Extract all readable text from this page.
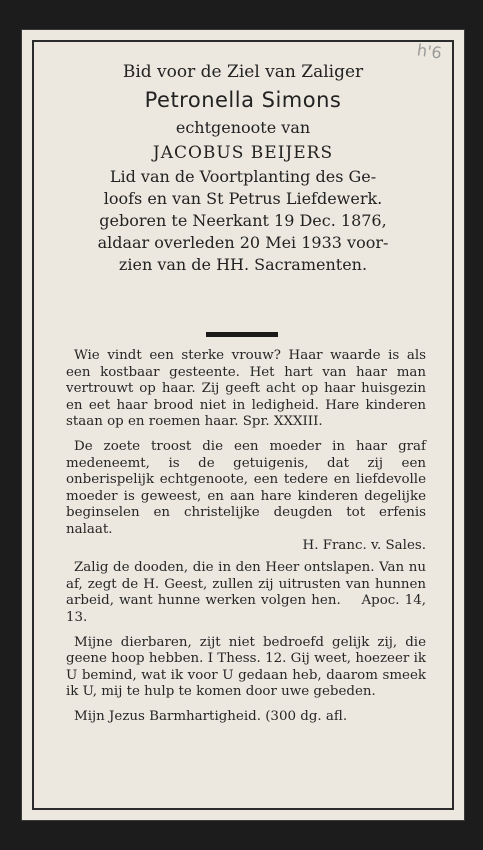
h'6
Bid voor de Ziel van Zaliger
Petronella Simons
echtgenoote van
JACOBUS BEIJERS
Lid van de Voortplanting des Ge-
loofs en van St Petrus Liefdewerk.
geboren te Neerkant 19 Dec. 1876,
aldaar overleden 20 Mei 1933 voor-
zien van de HH. Sacramenten.

Wie vindt een sterke vrouw? Haar waarde is als een kostbaar gesteente. Het hart van haar man vertrouwt op haar. Zij geeft acht op haar huisgezin en eet haar brood niet in ledigheid. Hare kinderen staan op en roemen haar. Spr. XXXIII.

De zoete troost die een moeder in haar graf medeneemt, is de getuigenis, dat zij een onberispelijk echtgenoote, een tedere en liefdevolle moeder is geweest, en aan hare kinderen degelijke beginselen en christelijke deugden tot erfenis nalaat.

H. Franc. v. Sales.

Zalig de dooden, die in den Heer ontslapen. Van nu af, zegt de H. Geest, zullen zij uitrusten van hunnen arbeid, want hunne werken volgen hen. Apoc. 14, 13.

Mijne dierbaren, zijt niet bedroefd gelijk zij, die geene hoop hebben. I Thess. 12. Gij weet, hoezeer ik U bemind, wat ik voor U gedaan heb, daarom smeek ik U, mij te hulp te komen door uwe gebeden.

Mijn Jezus Barmhartigheid. (300 dg. afl.
